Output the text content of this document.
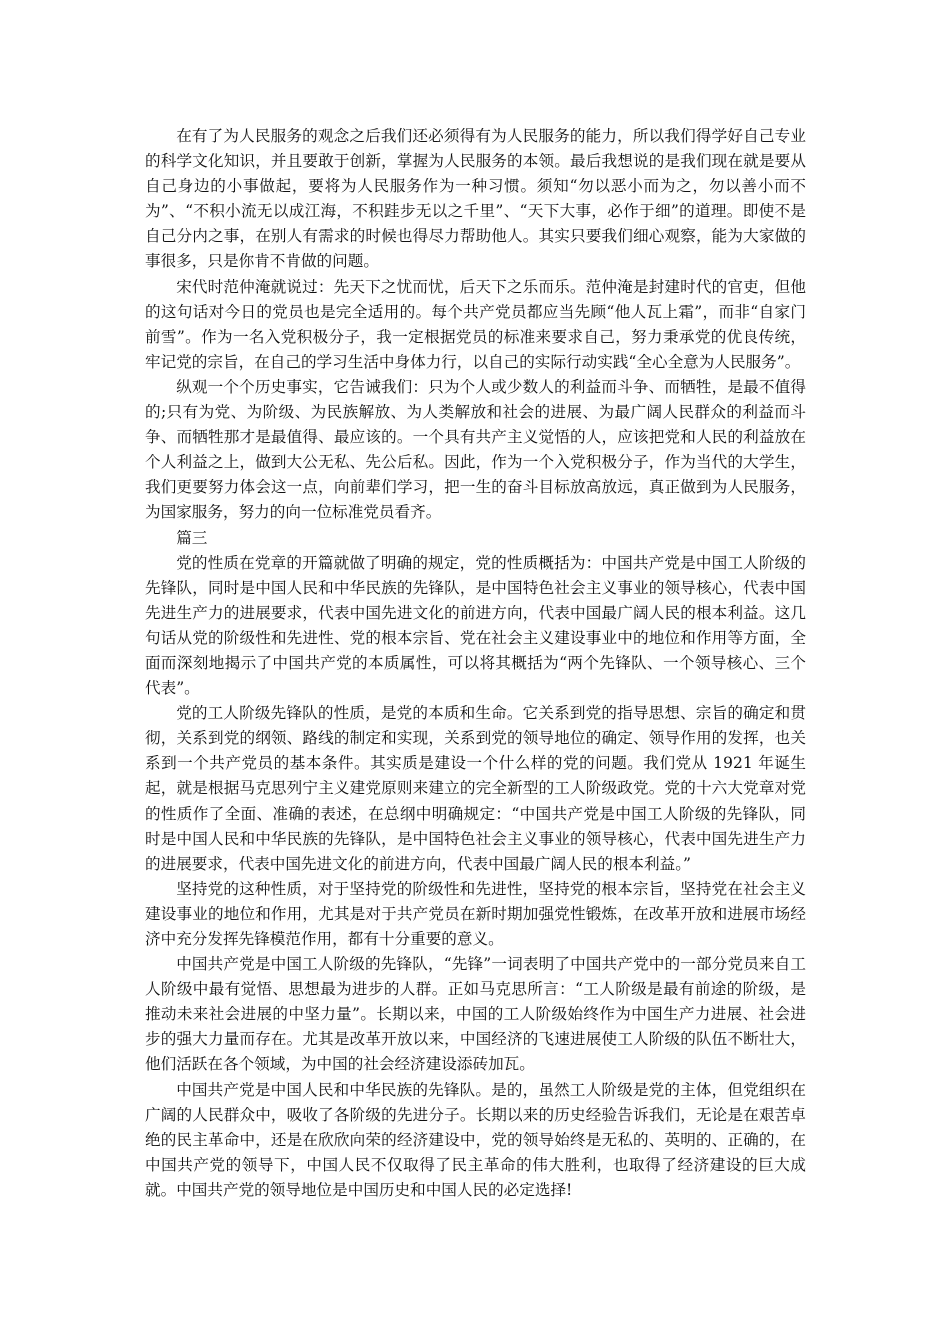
在有了为人民服务的观念之后我们还必须得有为人民服务的能力，所以我们得学好自己专业的科学文化知识，并且要敢于创新，掌握为人民服务的本领。最后我想说的是我们现在就是要从自己身边的小事做起，要将为人民服务作为一种习惯。须知“勿以恶小而为之，勿以善小而不为”、“不积小流无以成江海，不积跬步无以之千里”、“天下大事，必作于细”的道理。即使不是自己分内之事，在别人有需求的时候也得尽力帮助他人。其实只要我们细心观察，能为大家做的事很多，只是你肯不肯做的问题。

宋代时范仲淹就说过：先天下之忧而忧，后天下之乐而乐。范仲淹是封建时代的官吏，但他的这句话对今日的党员也是完全适用的。每个共产党员都应当先顾“他人瓦上霜”，而非“自家门前雪”。作为一名入党积极分子，我一定根据党员的标准来要求自己，努力秉承党的优良传统，牢记党的宗旨，在自己的学习生活中身体力行，以自己的实际行动实践“全心全意为人民服务”。

纵观一个个历史事实，它告诫我们：只为个人或少数人的利益而斗争、而牺牲，是最不值得的;只有为党、为阶级、为民族解放、为人类解放和社会的进展、为最广阔人民群众的利益而斗争、而牺牲那才是最值得、最应该的。一个具有共产主义觉悟的人，应该把党和人民的利益放在个人利益之上，做到大公无私、先公后私。因此，作为一个入党积极分子，作为当代的大学生，我们更要努力体会这一点，向前辈们学习，把一生的奋斗目标放高放远，真正做到为人民服务，为国家服务，努力的向一位标准党员看齐。

篇三

党的性质在党章的开篇就做了明确的规定，党的性质概括为：中国共产党是中国工人阶级的先锋队，同时是中国人民和中华民族的先锋队，是中国特色社会主义事业的领导核心，代表中国先进生产力的进展要求，代表中国先进文化的前进方向，代表中国最广阔人民的根本利益。这几句话从党的阶级性和先进性、党的根本宗旨、党在社会主义建设事业中的地位和作用等方面，全面而深刻地揭示了中国共产党的本质属性，可以将其概括为“两个先锋队、一个领导核心、三个代表”。

党的工人阶级先锋队的性质，是党的本质和生命。它关系到党的指导思想、宗旨的确定和贯彻，关系到党的纲领、路线的制定和实现，关系到党的领导地位的确定、领导作用的发挥，也关系到一个共产党员的基本条件。其实质是建设一个什么样的党的问题。我们党从 1921 年诞生起，就是根据马克思列宁主义建党原则来建立的完全新型的工人阶级政党。党的十六大党章对党的性质作了全面、准确的表述，在总纲中明确规定：“中国共产党是中国工人阶级的先锋队，同时是中国人民和中华民族的先锋队，是中国特色社会主义事业的领导核心，代表中国先进生产力的进展要求，代表中国先进文化的前进方向，代表中国最广阔人民的根本利益。”

坚持党的这种性质，对于坚持党的阶级性和先进性，坚持党的根本宗旨，坚持党在社会主义建设事业的地位和作用，尤其是对于共产党员在新时期加强党性锻炼，在改革开放和进展市场经济中充分发挥先锋模范作用，都有十分重要的意义。

中国共产党是中国工人阶级的先锋队，“先锋”一词表明了中国共产党中的一部分党员来自工人阶级中最有觉悟、思想最为进步的人群。正如马克思所言：“工人阶级是最有前途的阶级，是推动未来社会进展的中坚力量”。长期以来，中国的工人阶级始终作为中国生产力进展、社会进步的强大力量而存在。尤其是改革开放以来，中国经济的飞速进展使工人阶级的队伍不断壮大，他们活跃在各个领域，为中国的社会经济建设添砖加瓦。

中国共产党是中国人民和中华民族的先锋队。是的，虽然工人阶级是党的主体，但党组织在广阔的人民群众中，吸收了各阶级的先进分子。长期以来的历史经验告诉我们，无论是在艰苦卓绝的民主革命中，还是在欣欣向荣的经济建设中，党的领导始终是无私的、英明的、正确的，在中国共产党的领导下，中国人民不仅取得了民主革命的伟大胜利，也取得了经济建设的巨大成就。中国共产党的领导地位是中国历史和中国人民的必定选择!
